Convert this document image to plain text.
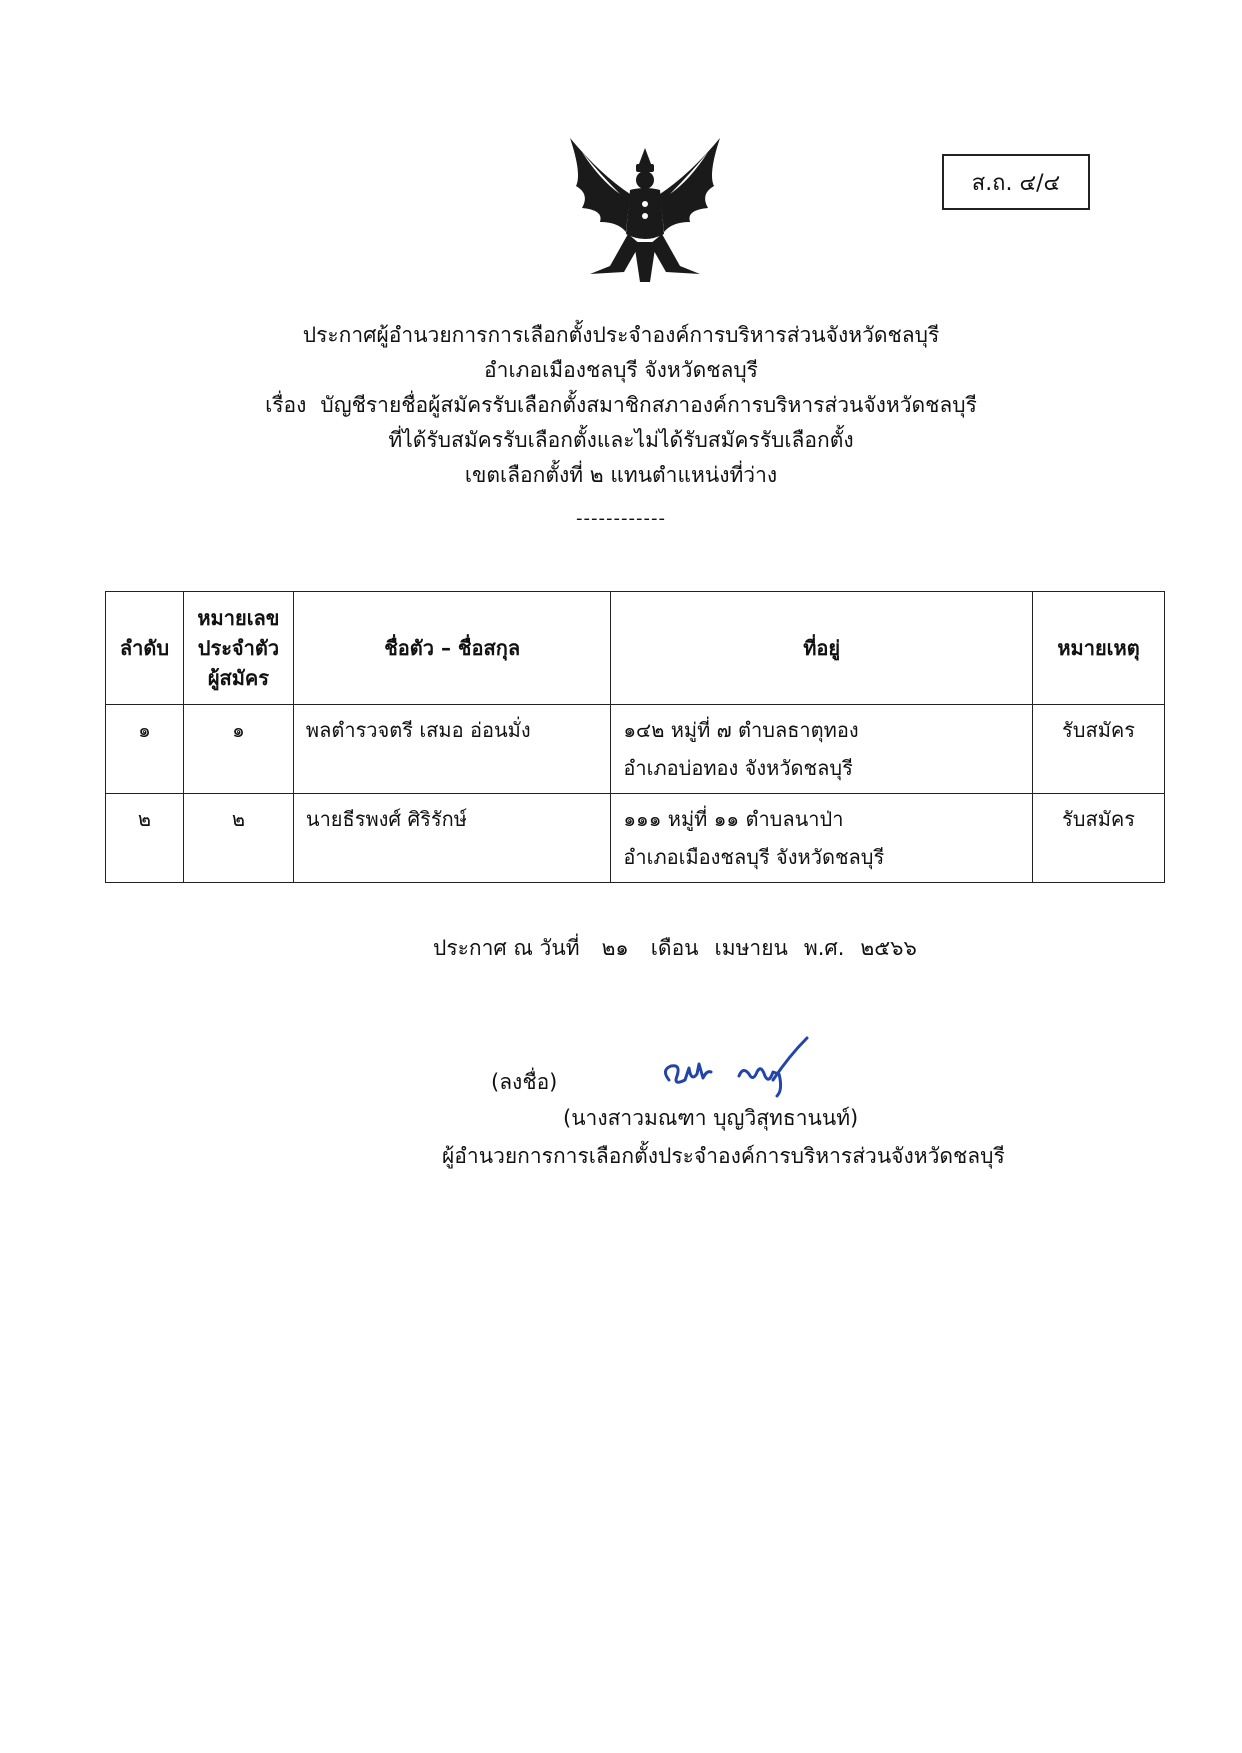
ส.ถ. ๔/๔
ประกาศผู้อำนวยการการเลือกตั้งประจำองค์การบริหารส่วนจังหวัดชลบุรี
อำเภอเมืองชลบุรี จังหวัดชลบุรี
เรื่อง บัญชีรายชื่อผู้สมัครรับเลือกตั้งสมาชิกสภาองค์การบริหารส่วนจังหวัดชลบุรี
ที่ได้รับสมัครรับเลือกตั้งและไม่ได้รับสมัครรับเลือกตั้ง
เขตเลือกตั้งที่ ๒ แทนตำแหน่งที่ว่าง
------------
ลำดับ	หมายเลข
ประจำตัว
ผู้สมัคร	ชื่อตัว – ชื่อสกุล	ที่อยู่	หมายเหตุ
๑	๑	พลตำรวจตรี เสมอ อ่อนมั่ง	๑๔๒ หมู่ที่ ๗ ตำบลธาตุทอง
อำเภอบ่อทอง จังหวัดชลบุรี	รับสมัคร
๒	๒	นายธีรพงศ์ ศิริรักษ์	๑๑๑ หมู่ที่ ๑๑ ตำบลนาป่า
อำเภอเมืองชลบุรี จังหวัดชลบุรี	รับสมัคร
ประกาศ ณ วันที่ ๒๑ เดือน เมษายน พ.ศ. ๒๕๖๖
(ลงชื่อ)
(นางสาวมณฑา บุญวิสุทธานนท์)
ผู้อำนวยการการเลือกตั้งประจำองค์การบริหารส่วนจังหวัดชลบุรี
